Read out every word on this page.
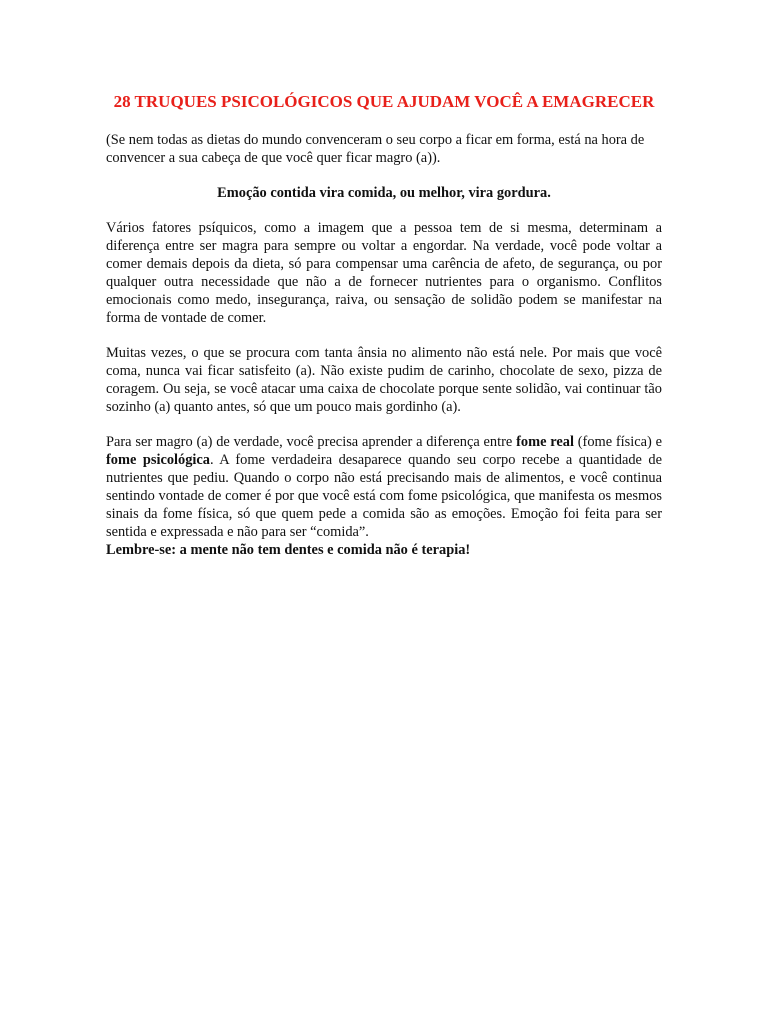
28 TRUQUES PSICOLÓGICOS QUE AJUDAM VOCÊ A EMAGRECER

(Se nem todas as dietas do mundo convenceram o seu corpo a ficar em forma, está na hora de convencer a sua cabeça de que você quer ficar magro (a)).

Emoção contida vira comida, ou melhor, vira gordura.

Vários fatores psíquicos, como a imagem que a pessoa tem de si mesma, determinam a diferença entre ser magra para sempre ou voltar a engordar. Na verdade, você pode voltar a comer demais depois da dieta, só para compensar uma carência de afeto, de segurança, ou por qualquer outra necessidade que não a de fornecer nutrientes para o organismo. Conflitos emocionais como medo, insegurança, raiva, ou sensação de solidão podem se manifestar na forma de vontade de comer.

Muitas vezes, o que se procura com tanta ânsia no alimento não está nele. Por mais que você coma, nunca vai ficar satisfeito (a). Não existe pudim de carinho, chocolate de sexo, pizza de coragem. Ou seja, se você atacar uma caixa de chocolate porque sente solidão, vai continuar tão sozinho (a) quanto antes, só que um pouco mais gordinho (a).

Para ser magro (a) de verdade, você precisa aprender a diferença entre fome real (fome física) e fome psicológica. A fome verdadeira desaparece quando seu corpo recebe a quantidade de nutrientes que pediu. Quando o corpo não está precisando mais de alimentos, e você continua sentindo vontade de comer é por que você está com fome psicológica, que manifesta os mesmos sinais da fome física, só que quem pede a comida são as emoções. Emoção foi feita para ser sentida e expressada e não para ser “comida”.

Lembre-se: a mente não tem dentes e comida não é terapia!
